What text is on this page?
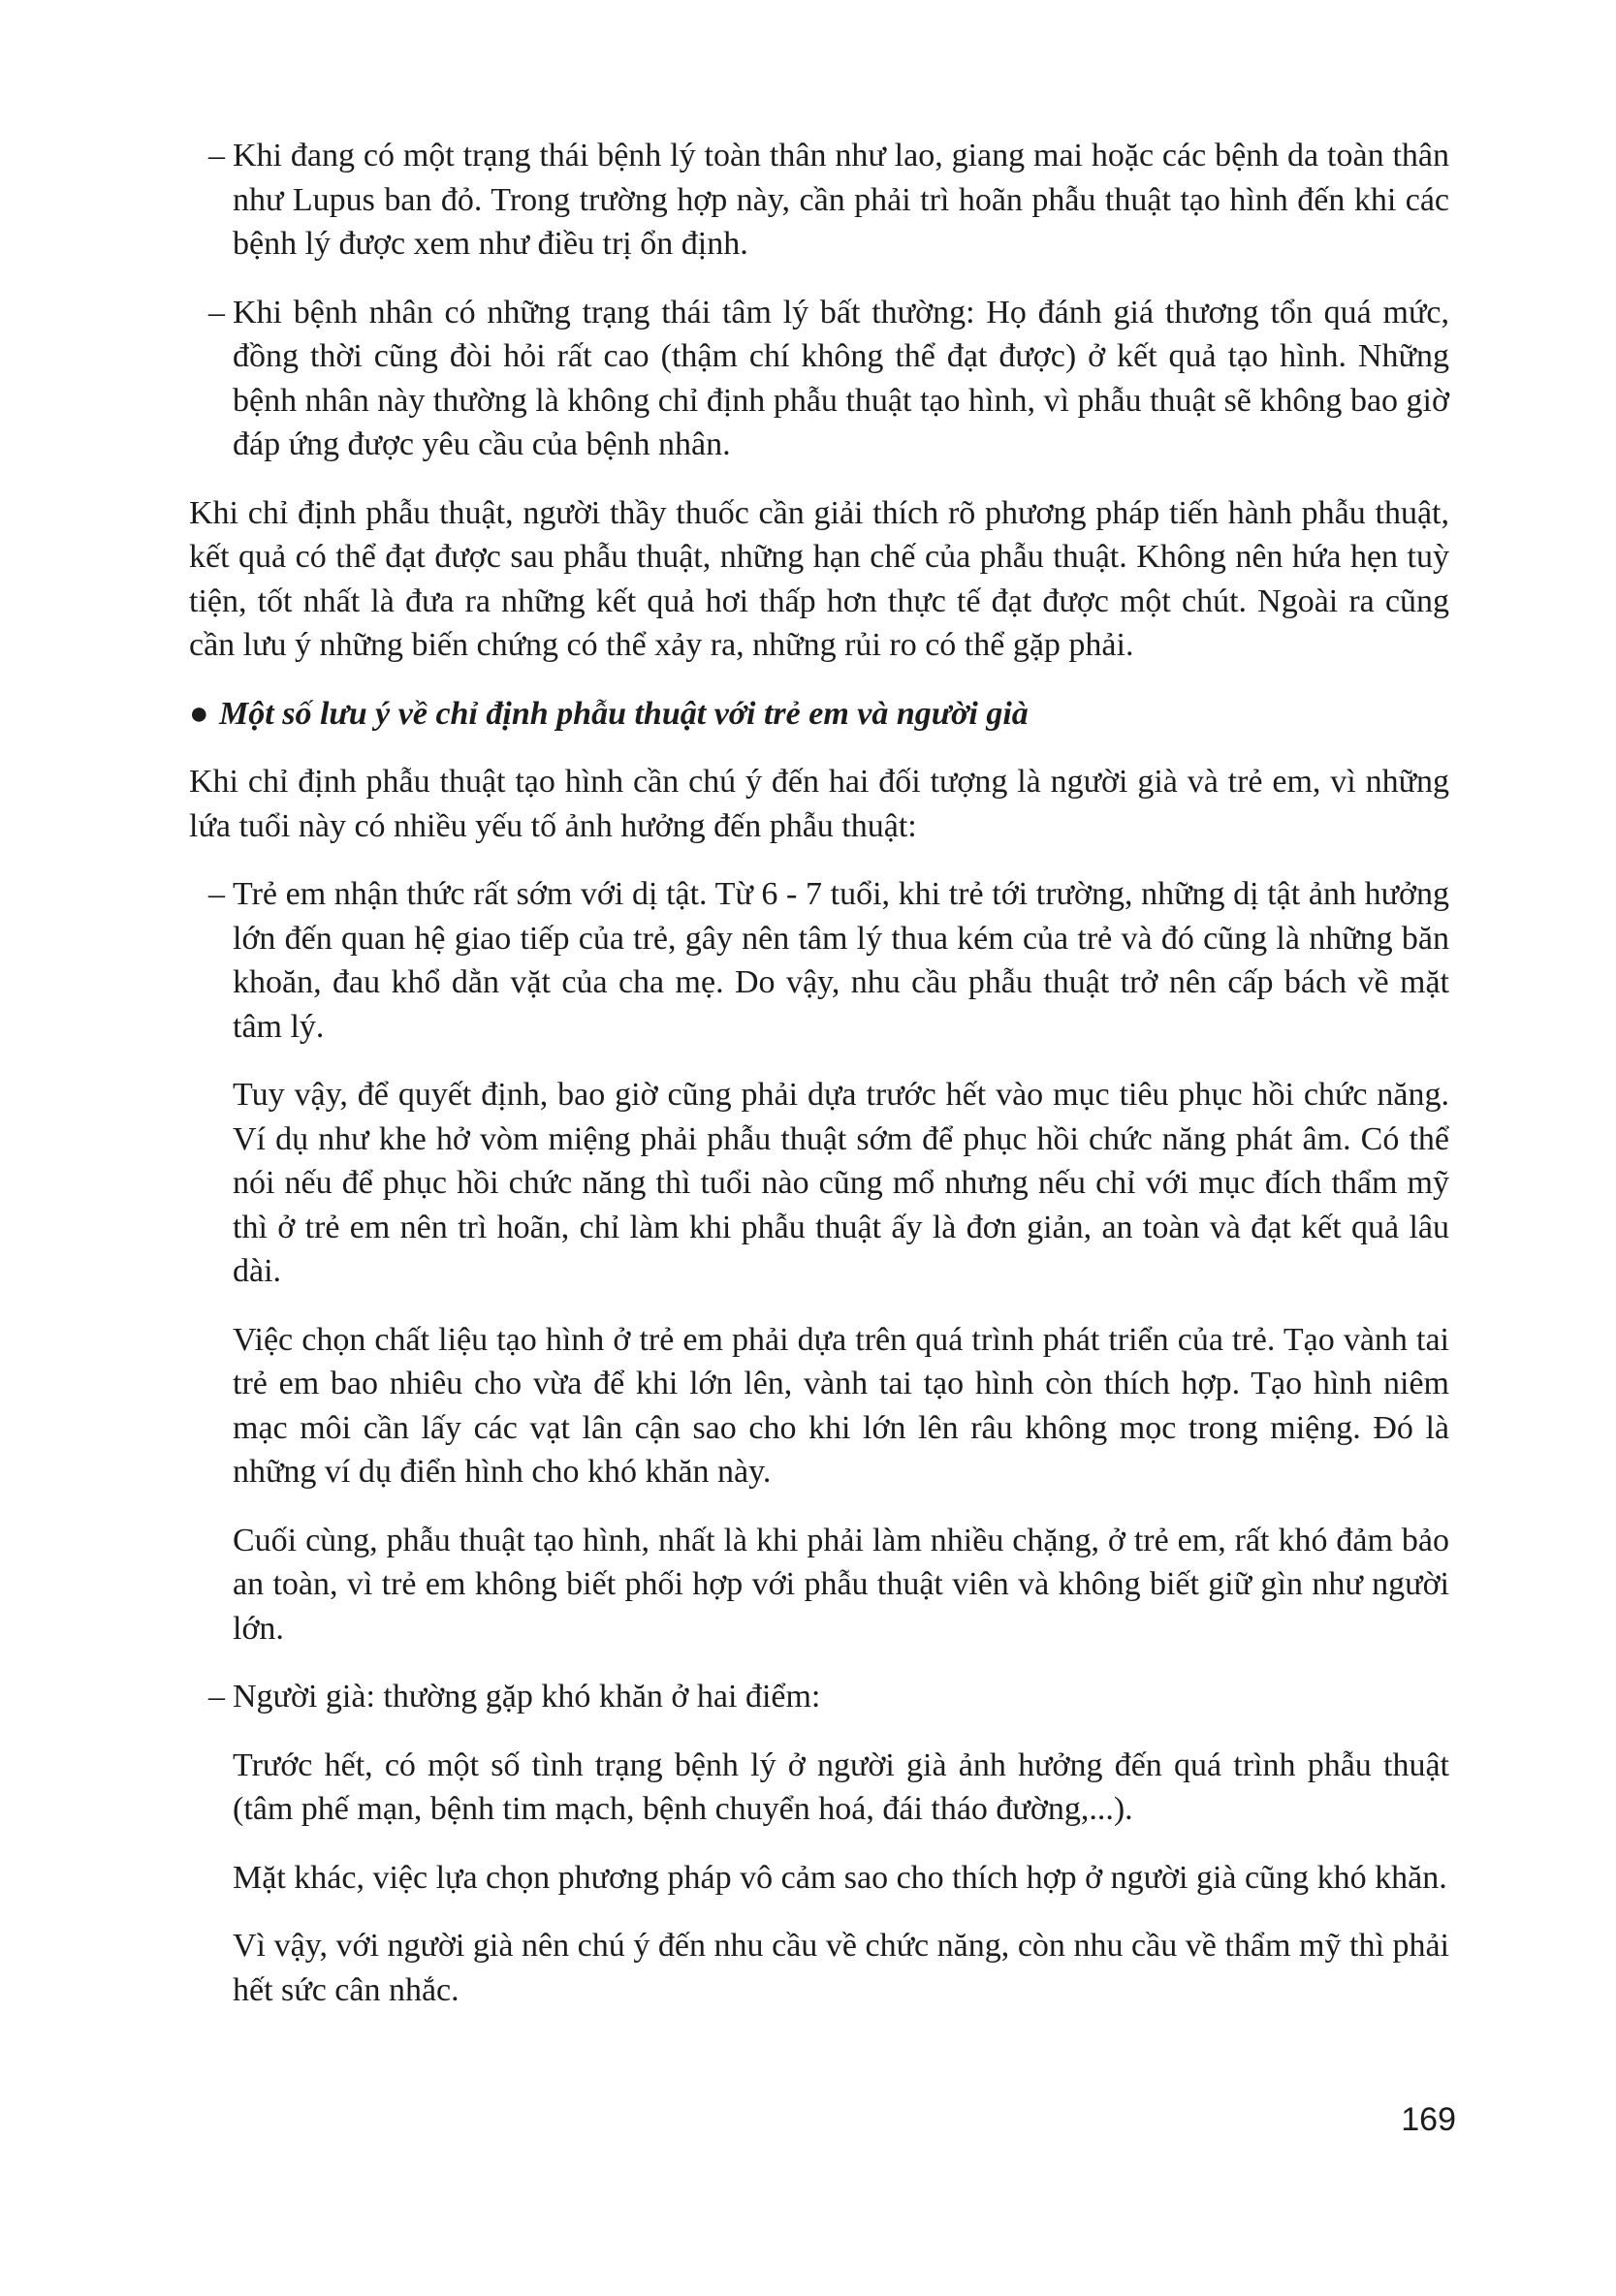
– Khi đang có một trạng thái bệnh lý toàn thân như lao, giang mai hoặc các bệnh da toàn thân như Lupus ban đỏ. Trong trường hợp này, cần phải trì hoãn phẫu thuật tạo hình đến khi các bệnh lý được xem như điều trị ổn định.

– Khi bệnh nhân có những trạng thái tâm lý bất thường: Họ đánh giá thương tổn quá mức, đồng thời cũng đòi hỏi rất cao (thậm chí không thể đạt được) ở kết quả tạo hình. Những bệnh nhân này thường là không chỉ định phẫu thuật tạo hình, vì phẫu thuật sẽ không bao giờ đáp ứng được yêu cầu của bệnh nhân.

Khi chỉ định phẫu thuật, người thầy thuốc cần giải thích rõ phương pháp tiến hành phẫu thuật, kết quả có thể đạt được sau phẫu thuật, những hạn chế của phẫu thuật. Không nên hứa hẹn tuỳ tiện, tốt nhất là đưa ra những kết quả hơi thấp hơn thực tế đạt được một chút. Ngoài ra cũng cần lưu ý những biến chứng có thể xảy ra, những rủi ro có thể gặp phải.

● Một số lưu ý về chỉ định phẫu thuật với trẻ em và người già

Khi chỉ định phẫu thuật tạo hình cần chú ý đến hai đối tượng là người già và trẻ em, vì những lứa tuổi này có nhiều yếu tố ảnh hưởng đến phẫu thuật:

– Trẻ em nhận thức rất sớm với dị tật. Từ 6 - 7 tuổi, khi trẻ tới trường, những dị tật ảnh hưởng lớn đến quan hệ giao tiếp của trẻ, gây nên tâm lý thua kém của trẻ và đó cũng là những băn khoăn, đau khổ dằn vặt của cha mẹ. Do vậy, nhu cầu phẫu thuật trở nên cấp bách về mặt tâm lý.

Tuy vậy, để quyết định, bao giờ cũng phải dựa trước hết vào mục tiêu phục hồi chức năng. Ví dụ như khe hở vòm miệng phải phẫu thuật sớm để phục hồi chức năng phát âm. Có thể nói nếu để phục hồi chức năng thì tuổi nào cũng mổ nhưng nếu chỉ với mục đích thẩm mỹ thì ở trẻ em nên trì hoãn, chỉ làm khi phẫu thuật ấy là đơn giản, an toàn và đạt kết quả lâu dài.

Việc chọn chất liệu tạo hình ở trẻ em phải dựa trên quá trình phát triển của trẻ. Tạo vành tai trẻ em bao nhiêu cho vừa để khi lớn lên, vành tai tạo hình còn thích hợp. Tạo hình niêm mạc môi cần lấy các vạt lân cận sao cho khi lớn lên râu không mọc trong miệng. Đó là những ví dụ điển hình cho khó khăn này.

Cuối cùng, phẫu thuật tạo hình, nhất là khi phải làm nhiều chặng, ở trẻ em, rất khó đảm bảo an toàn, vì trẻ em không biết phối hợp với phẫu thuật viên và không biết giữ gìn như người lớn.

– Người già: thường gặp khó khăn ở hai điểm:

Trước hết, có một số tình trạng bệnh lý ở người già ảnh hưởng đến quá trình phẫu thuật (tâm phế mạn, bệnh tim mạch, bệnh chuyển hoá, đái tháo đường,...).

Mặt khác, việc lựa chọn phương pháp vô cảm sao cho thích hợp ở người già cũng khó khăn.

Vì vậy, với người già nên chú ý đến nhu cầu về chức năng, còn nhu cầu về thẩm mỹ thì phải hết sức cân nhắc.

169
